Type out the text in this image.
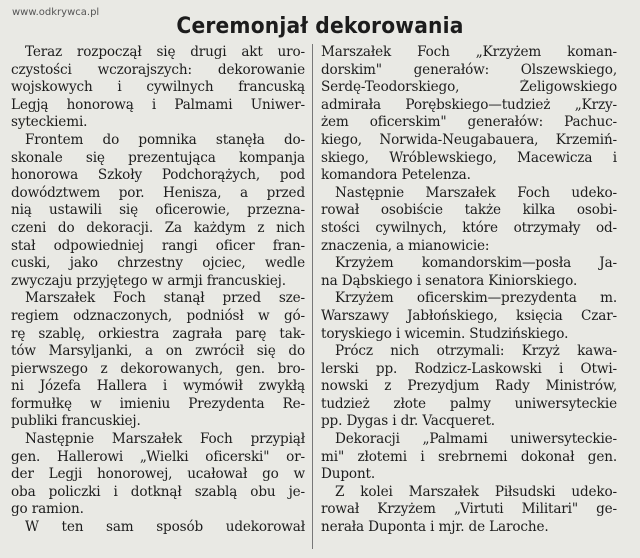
www.odkrywca.pl
Ceremonjał dekorowania
Teraz rozpoczął się drugi akt uro-
czystości wczorajszych: dekorowanie
wojskowych i cywilnych francuską
Legją honorową i Palmami Uniwer-
syteckiemi.
Frontem do pomnika stanęła do-
skonale się prezentująca kompanja
honorowa Szkoły Podchorążych, pod
dowództwem por. Henisza, a przed
nią ustawili się oficerowie, przezna-
czeni do dekoracji. Za każdym z nich
stał odpowiedniej rangi oficer fran-
cuski, jako chrzestny ojciec, wedle
zwyczaju przyjętego w armji francuskiej.
Marszałek Foch stanął przed sze-
regiem odznaczonych, podniósł w gó-
rę szablę, orkiestra zagrała parę tak-
tów Marsyljanki, a on zwrócił się do
pierwszego z dekorowanych, gen. bro-
ni Józefa Hallera i wymówił zwykłą
formułkę w imieniu Prezydenta Re-
publiki francuskiej.
Następnie Marszałek Foch przypiął
gen. Hallerowi „Wielki oficerski" or-
der Legji honorowej, ucałował go w
oba policzki i dotknął szablą obu je-
go ramion.
W ten sam sposób udekorował
Marszałek Foch „Krzyżem koman-
dorskim" generałów: Olszewskiego,
Serdę-Teodorskiego, Żeligowskiego
admirała Porębskiego—tudzież „Krzy-
żem oficerskim" generałów: Pachuc-
kiego, Norwida-Neugabauera, Krzemiń-
skiego, Wróblewskiego, Macewicza i
komandora Petelenza.
Następnie Marszałek Foch udeko-
rował osobiście także kilka osobi-
stości cywilnych, które otrzymały od-
znaczenia, a mianowicie:
Krzyżem komandorskim—posła Ja-
na Dąbskiego i senatora Kiniorskiego.
Krzyżem oficerskim—prezydenta m.
Warszawy Jabłońskiego, księcia Czar-
toryskiego i wicemin. Studzińskiego.
Prócz nich otrzymali: Krzyż kawa-
lerski pp. Rodzicz-Laskowski i Otwi-
nowski z Prezydjum Rady Ministrów,
tudzież złote palmy uniwersyteckie
pp. Dygas i dr. Vacqueret.
Dekoracji „Palmami uniwersyteckie-
mi" złotemi i srebrnemi dokonał gen.
Dupont.
Z kolei Marszałek Piłsudski udeko-
rował Krzyżem „Virtuti Militari" ge-
nerała Duponta i mjr. de Laroche.
